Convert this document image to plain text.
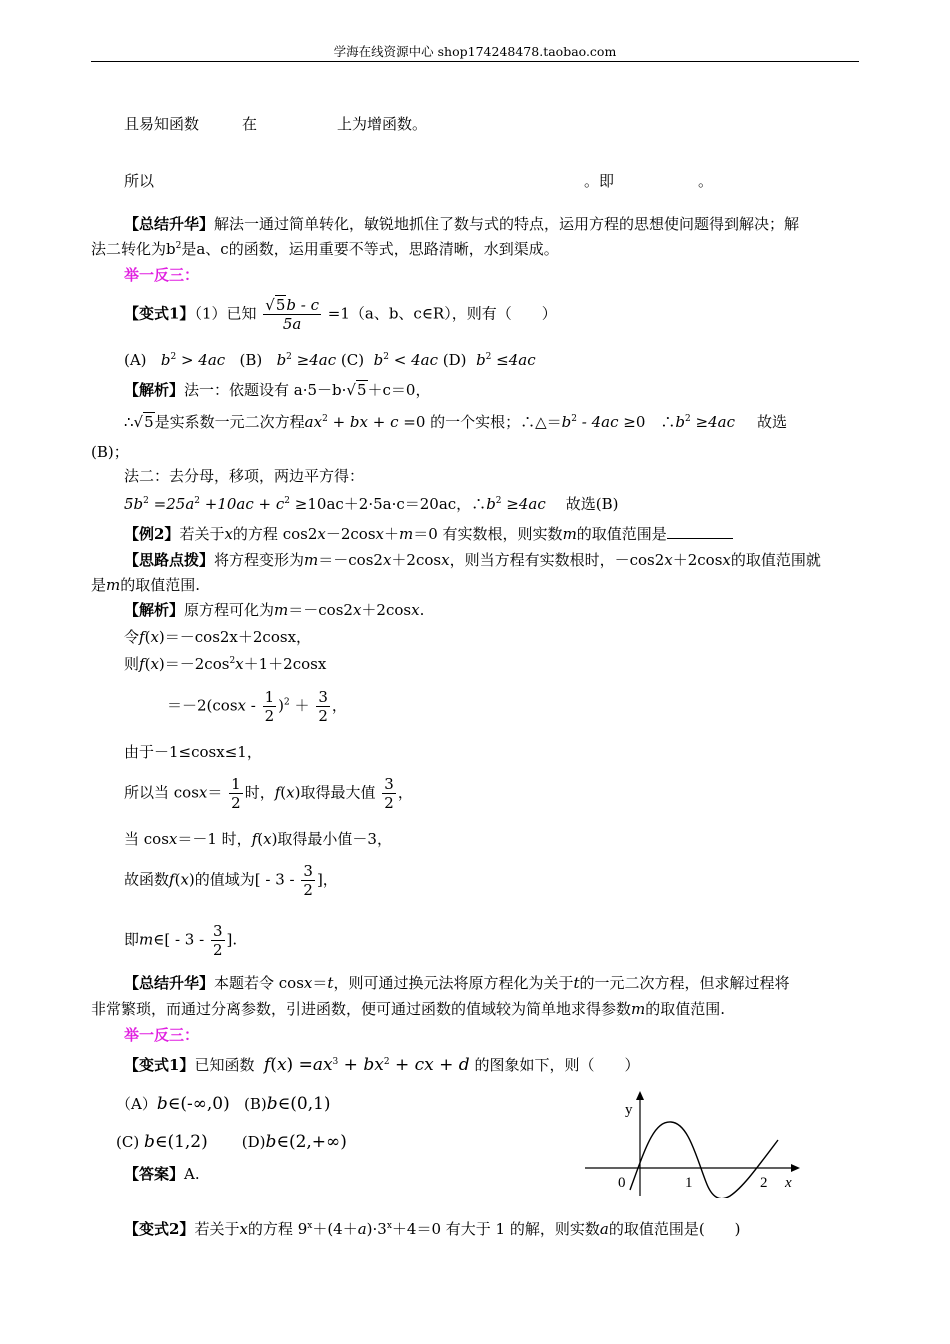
学海在线资源中心 shop174248478.taobao.com
且易知函数	在	上为增函数。
所以	。即	。
【总结升华】解法一通过简单转化，敏锐地抓住了数与式的特点，运用方程的思想使问题得到解决；解
法二转化为$b^2$是a、c的函数，运用重要不等式，思路清晰，水到渠成。
举一反三：
【变式1】（1）已知 $\frac{√5b - c}{5a} =1(a$、b、c∈R），则有（　　）
(A) $b^2 > 4ac$ (B) $b^2 \ge 4ac$ (C) $b^2 < 4ac$ (D) $b^2 \le 4ac$
【解析】法一：依题设有 a·5－b·√5＋c＝0，
∴√5是实系数一元二次方程$ax^2$ + bx + c =0 的一个实根；$\therefore\triangle=b^2 - 4ac \ge 0$　$\therefore b^2 \ge 4ac$ 故选
(B)；
法二：去分母，移项，两边平方得：
$5b^2 =25a^2 +10ac + c^2 \ge 10ac+2\cdot 5a\cdot c=20ac$，$\therefore b^2 \ge 4ac$ 故选(B)
【例2】若关于x的方程 cos2x－2cosx＋m＝0 有实数根，则实数m的取值范围是
【思路点拨】将方程变形为m＝－cos2x＋2cosx，则当方程有实数根时，－cos2x＋2cosx的取值范围就
是m的取值范围.
【解析】原方程可化为m＝－cos2x＋2cosx.
令f(x)＝－cos2x＋2cosx，
则$f(x)=-2\cos^2x+1+2\cos x$
$=-2(\cos x - \frac{1}{2} )^2 + \frac{3}{2}$ ，
由于－1≤cosx≤1，
所以当 $\cos x= \frac{1}{2}$ 时，f(x)取得最大值 $\frac{3}{2}$ ，
当 cosx＝－1 时，f(x)取得最小值－3，
故函数f(x)的值域为[ - $3 - \frac{3}{2}$ ]，
即m∈[ - $3 - \frac{3}{2}$ ].
【总结升华】本题若令 cosx＝t，则可通过换元法将原方程化为关于t的一元二次方程，但求解过程将
非常繁琐，而通过分离参数，引进函数，便可通过函数的值域较为简单地求得参数m的取值范围.
举一反三：
【变式1】已知函数 $f(x) =ax^3 + bx^2$ + cx + d 的图象如下，则（　　）
（A）b∈(-∞,0) (B)b∈(0,1)
(C) b∈(1,2) (D)b∈(2,+∞)
【答案】A.
【变式2】若关于x的方程 $9^x+(4+a)\cdot 3^x+4=0$ 有大于 1 的解，则实数a的取值范围是(　　)
y
x
0	1	2
